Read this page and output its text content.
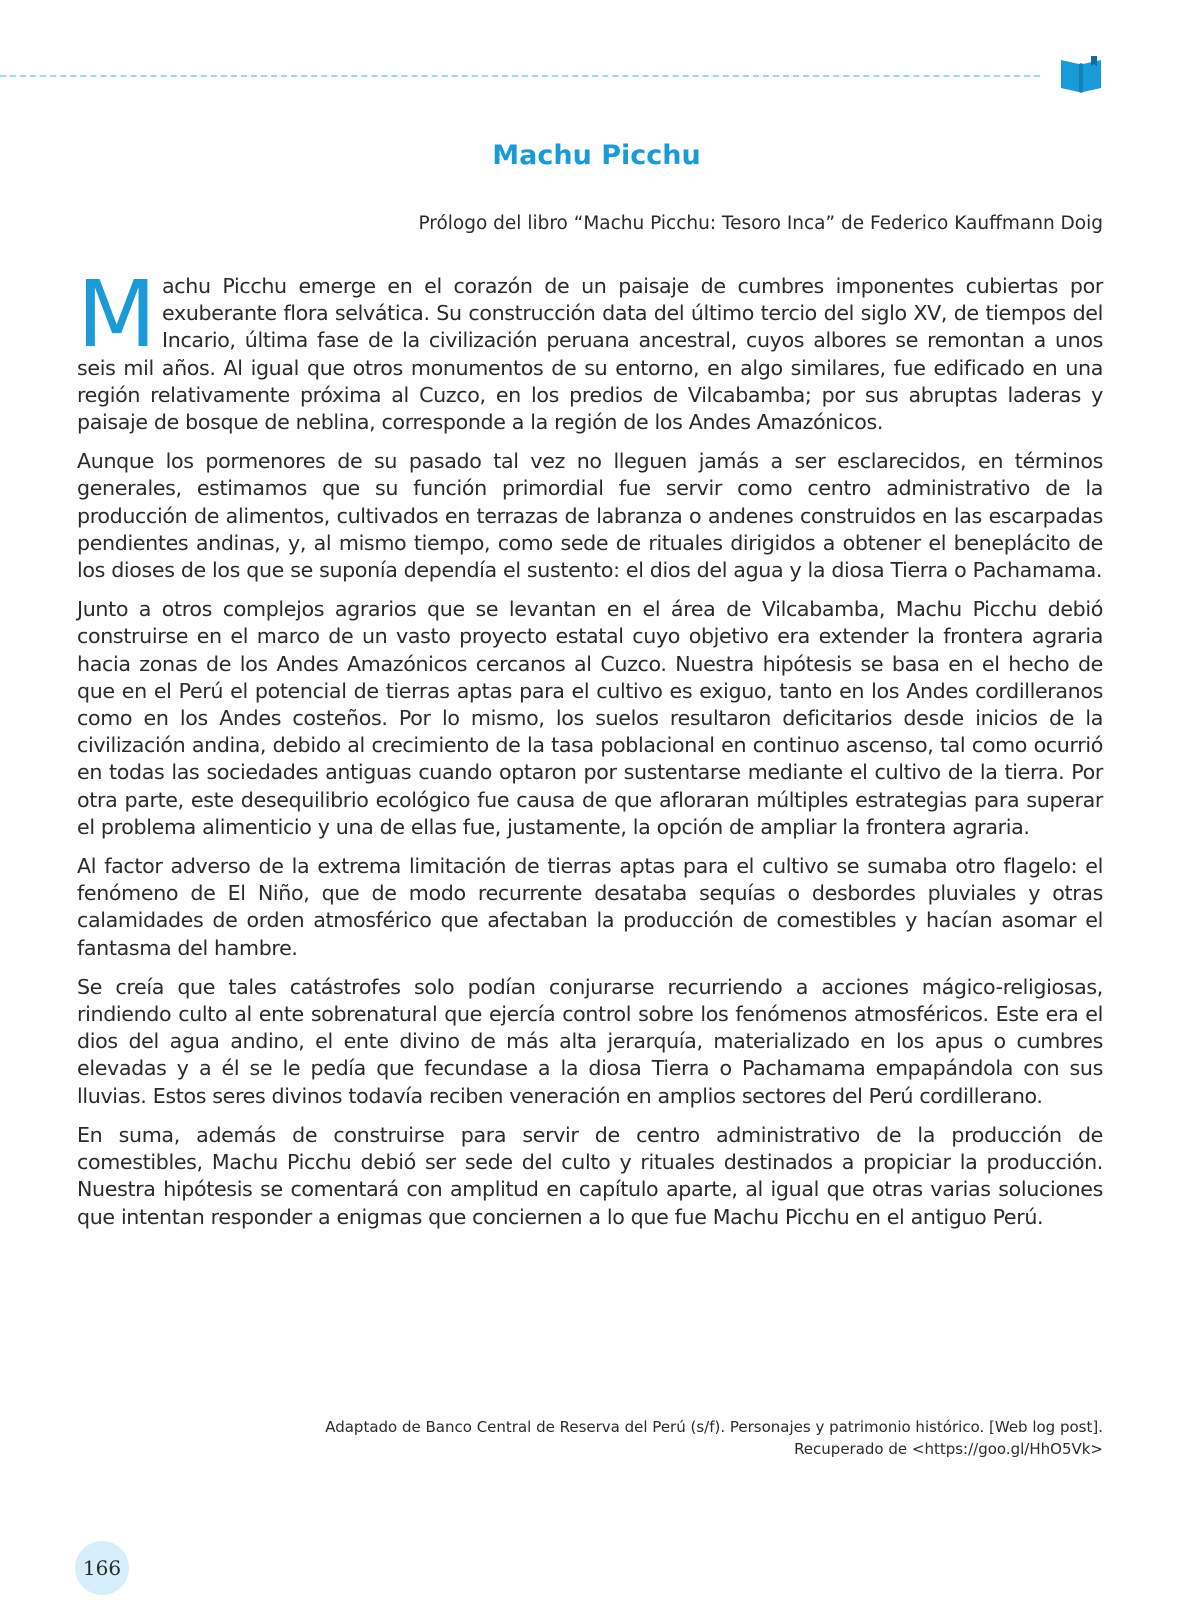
Machu Picchu

Prólogo del libro “Machu Picchu: Tesoro Inca” de Federico Kauffmann Doig

Machu Picchu emerge en el corazón de un paisaje de cumbres imponentes cubiertas por exuberante flora selvática. Su construcción data del último tercio del siglo XV, de tiempos del Incario, última fase de la civilización peruana ancestral, cuyos albores se remontan a unos seis mil años. Al igual que otros monumentos de su entorno, en algo similares, fue edificado en una región relativamente próxima al Cuzco, en los predios de Vilcabamba; por sus abruptas laderas y paisaje de bosque de neblina, corresponde a la región de los Andes Amazónicos.

Aunque los pormenores de su pasado tal vez no lleguen jamás a ser esclarecidos, en términos generales, estimamos que su función primordial fue servir como centro administrativo de la producción de alimentos, cultivados en terrazas de labranza o andenes construidos en las escarpadas pendientes andinas, y, al mismo tiempo, como sede de rituales dirigidos a obtener el beneplácito de los dioses de los que se suponía dependía el sustento: el dios del agua y la diosa Tierra o Pachamama.

Junto a otros complejos agrarios que se levantan en el área de Vilcabamba, Machu Picchu debió construirse en el marco de un vasto proyecto estatal cuyo objetivo era extender la frontera agraria hacia zonas de los Andes Amazónicos cercanos al Cuzco. Nuestra hipótesis se basa en el hecho de que en el Perú el potencial de tierras aptas para el cultivo es exiguo, tanto en los Andes cordilleranos como en los Andes costeños. Por lo mismo, los suelos resultaron deficitarios desde inicios de la civilización andina, debido al crecimiento de la tasa poblacional en continuo ascenso, tal como ocurrió en todas las sociedades antiguas cuando optaron por sustentarse mediante el cultivo de la tierra. Por otra parte, este desequilibrio ecológico fue causa de que afloraran múltiples estrategias para superar el problema alimenticio y una de ellas fue, justamente, la opción de ampliar la frontera agraria.

Al factor adverso de la extrema limitación de tierras aptas para el cultivo se sumaba otro flagelo: el fenómeno de El Niño, que de modo recurrente desataba sequías o desbordes pluviales y otras calamidades de orden atmosférico que afectaban la producción de comestibles y hacían asomar el fantasma del hambre.

Se creía que tales catástrofes solo podían conjurarse recurriendo a acciones mágico-religiosas, rindiendo culto al ente sobrenatural que ejercía control sobre los fenómenos atmosféricos. Este era el dios del agua andino, el ente divino de más alta jerarquía, materializado en los apus o cumbres elevadas y a él se le pedía que fecundase a la diosa Tierra o Pachamama empapándola con sus lluvias. Estos seres divinos todavía reciben veneración en amplios sectores del Perú cordillerano.

En suma, además de construirse para servir de centro administrativo de la producción de comestibles, Machu Picchu debió ser sede del culto y rituales destinados a propiciar la producción. Nuestra hipótesis se comentará con amplitud en capítulo aparte, al igual que otras varias soluciones que intentan responder a enigmas que conciernen a lo que fue Machu Picchu en el antiguo Perú.

Adaptado de Banco Central de Reserva del Perú (s/f). Personajes y patrimonio histórico. [Web log post].
Recuperado de <https://goo.gl/HhO5Vk>
166
